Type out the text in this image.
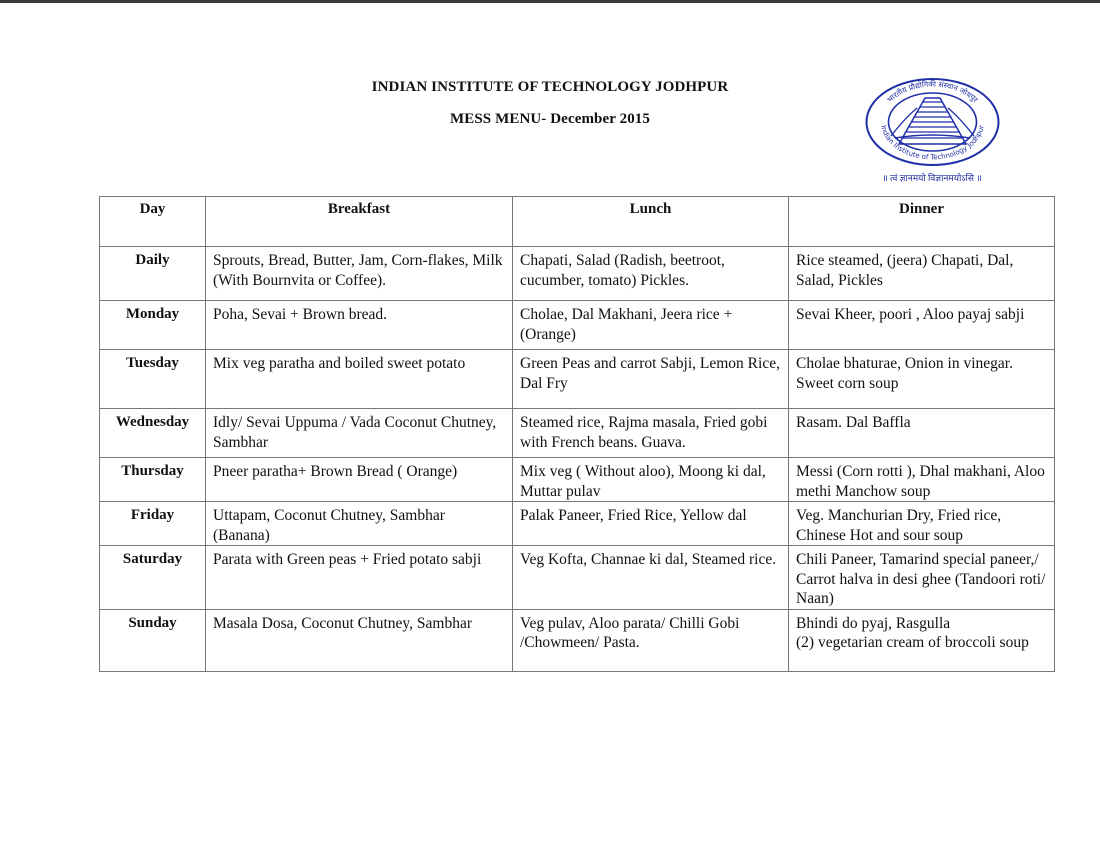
INDIAN INSTITUTE OF TECHNOLOGY JODHPUR
MESS MENU- December 2015
भारतीय प्रौद्योगिकी संस्थान जोधपुर
Indian Institute of Technology Jodhpur
॥ त्वं ज्ञानमयो विज्ञानमयोऽसि ॥
Day	Breakfast	Lunch	Dinner
Daily	Sprouts, Bread, Butter, Jam, Corn-flakes, Milk (With Bournvita or Coffee).	Chapati, Salad (Radish, beetroot, cucumber, tomato) Pickles.	Rice steamed, (jeera) Chapati, Dal, Salad, Pickles
Monday	Poha, Sevai + Brown bread.	Cholae, Dal Makhani, Jeera rice + (Orange)	Sevai Kheer, poori , Aloo payaj sabji
Tuesday	Mix veg paratha and boiled sweet potato	Green Peas and carrot Sabji, Lemon Rice, Dal Fry	Cholae bhaturae, Onion in vinegar. Sweet corn soup
Wednesday	Idly/ Sevai Uppuma / Vada Coconut Chutney, Sambhar	Steamed rice, Rajma masala, Fried gobi with French beans. Guava.	Rasam. Dal Baffla
Thursday	Pneer paratha+ Brown Bread ( Orange)	Mix veg ( Without aloo), Moong ki dal, Muttar pulav	Messi (Corn rotti ), Dhal makhani, Aloo methi Manchow soup
Friday	Uttapam, Coconut Chutney, Sambhar (Banana)	Palak Paneer, Fried Rice, Yellow dal	Veg. Manchurian Dry, Fried rice, Chinese Hot and sour soup
Saturday	Parata with Green peas + Fried potato sabji	Veg Kofta, Channae ki dal, Steamed rice.	Chili Paneer, Tamarind special paneer,/ Carrot halva in desi ghee (Tandoori roti/ Naan)
Sunday	Masala Dosa, Coconut Chutney, Sambhar	Veg pulav, Aloo parata/ Chilli Gobi /Chowmeen/ Pasta.	Bhindi do pyaj, Rasgulla
(2) vegetarian cream of broccoli soup
